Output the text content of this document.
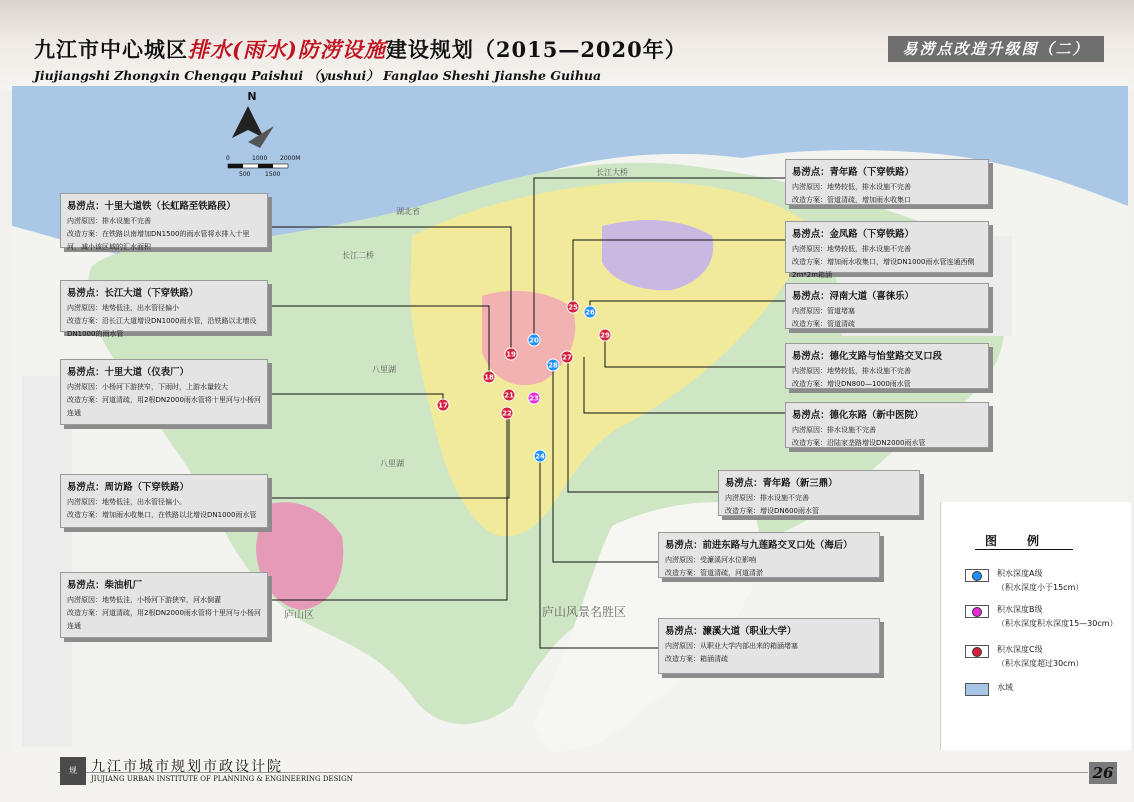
九江市中心城区排水(雨水)防涝设施建设规划（2015—2020年）
Jiujiangshi Zhongxin Chengqu Paishui （yushui） Fanglao Sheshi Jianshe Guihua
易涝点改造升级图（二）
N
0	1000 2000M
500 1500	长江大桥
湖北省
长江二桥
八里湖
八里湖
庐山风景名胜区
庐山区
19
20
18
17
21
22
23
24
25
26
27
28
29
易涝点：十里大道铁（长虹路至铁路段）
内涝原因：排水设施不完善
改造方案：在铁路以南增加DN1500的雨水管将水排入十里河，减小该区域的汇水面积
易涝点：长江大道（下穿铁路）
内涝原因：地势低洼，出水管径偏小
改造方案：沿长江大道增设DN1000雨水管，沿铁路以北增设DN1000的雨水管
易涝点：十里大道（仪表厂）
内涝原因：小杨河下游狭窄，下雨时，上游水量较大
改造方案：河道清疏，用2根DN2000雨水管将十里河与小杨河连通
易涝点：周访路（下穿铁路）
内涝原因：地势低洼，出水管径偏小。
改造方案：增加雨水收集口，在铁路以北增设DN1000雨水管
易涝点：柴油机厂
内涝原因：地势低洼，小杨河下游狭窄，河水倒灌
改造方案：河道清疏，用2根DN2000雨水管将十里河与小杨河连通
易涝点：青年路（下穿铁路）
内涝原因：地势较低，排水设施不完善
改造方案：管道清疏，增加雨水收集口
易涝点：金凤路（下穿铁路）
内涝原因：地势较低，排水设施不完善
改造方案：增加雨水收集口，增设DN1000雨水管连通西侧2m*2m箱涵
易涝点：浔南大道（喜徕乐）
内涝原因：管道堵塞
改造方案：管道清疏
易涝点：德化支路与怡堂路交叉口段
内涝原因：地势较低，排水设施不完善
改造方案：增设DN800—1000雨水管
易涝点：德化东路（新中医院）
内涝原因：排水设施不完善
改造方案：沿陆家垄路增设DN2000雨水管
易涝点：青年路（新三鼎）
内涝原因：排水设施不完善
改造方案：增设DN600雨水管
易涝点：前进东路与九莲路交叉口处（海后）
内涝原因：受濂溪河水位影响
改造方案：管道清疏，河道清淤
易涝点：濂溪大道（职业大学）
内涝原因：从职业大学内部出来的箱涵堵塞
改造方案：箱涵清疏
图例
积水深度A级
（积水深度小于15cm）
积水深度B级
（积水深度积水深度15—30cm）
积水深度C级
（积水深度超过30cm）
水域
规	九江市城市规划市政设计院
JIUJIANG URBAN INSTITUTE OF PLANNING & ENGINEERING DESIGN	26
